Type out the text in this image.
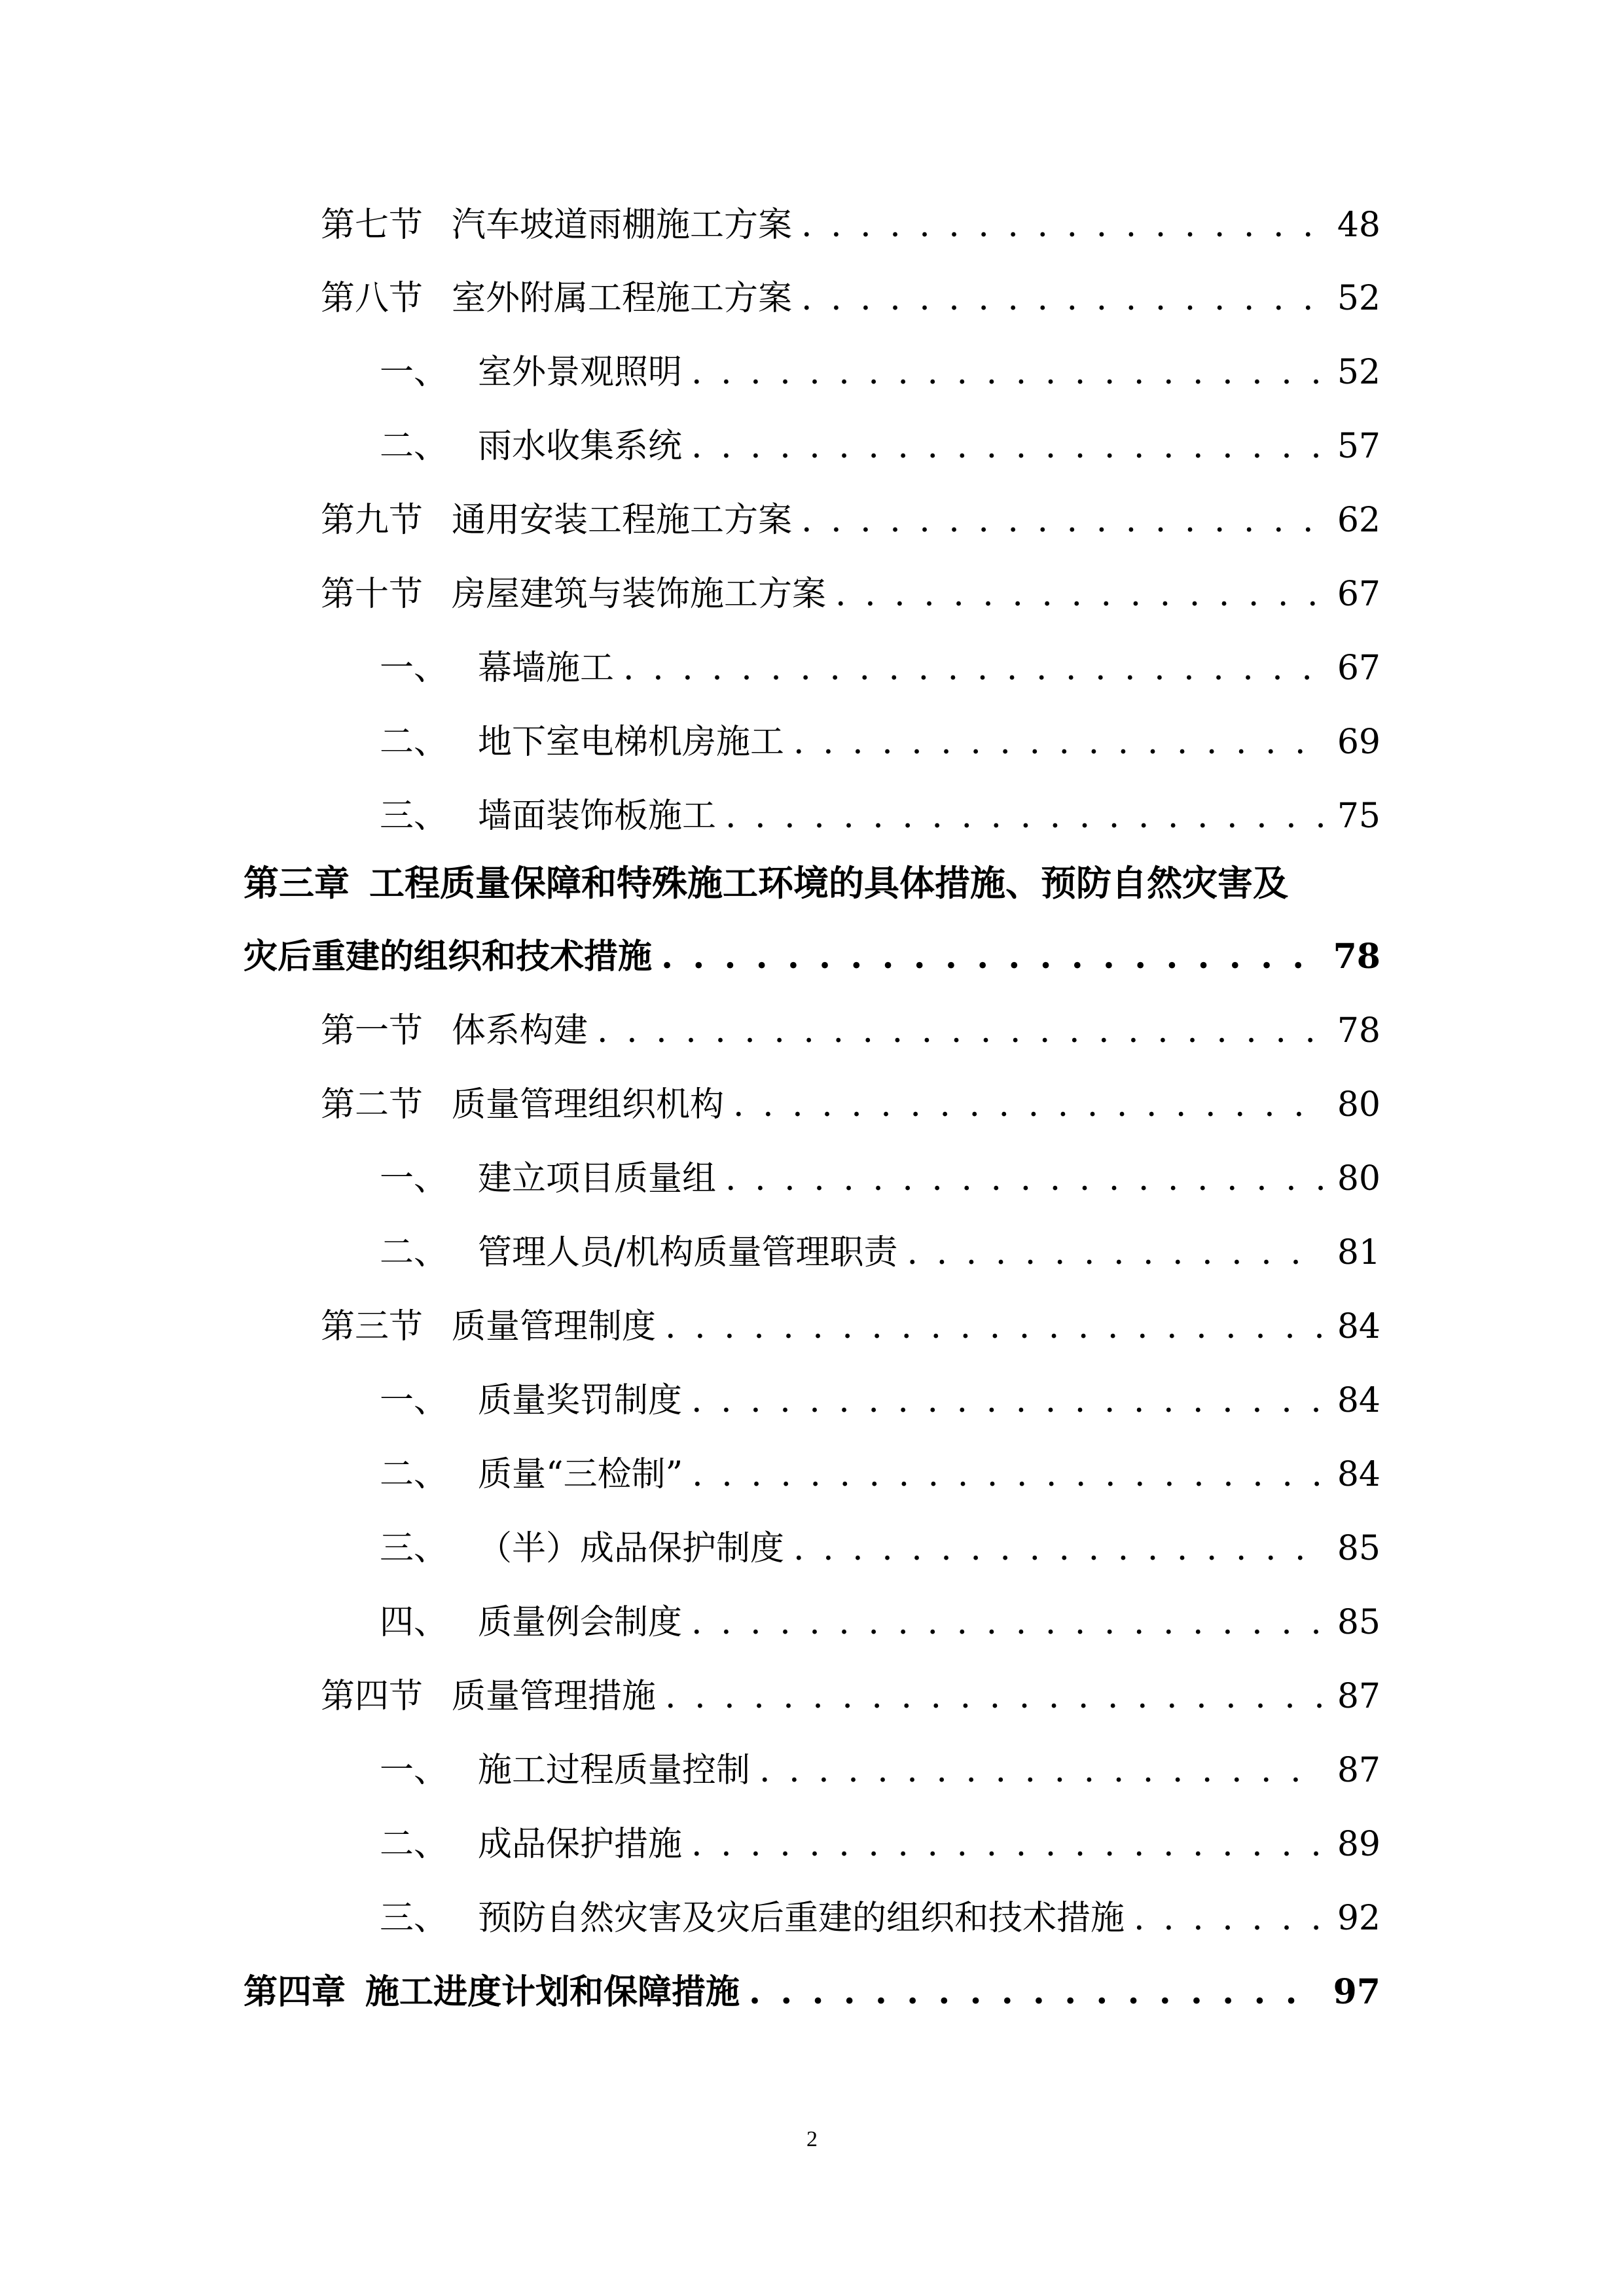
第七节 汽车坡道雨棚施工方案 . . .	48
第八节 室外附属工程施工方案 . . .	52
一、 室外景观照明 . . .	52
二、 雨水收集系统 . . .	57
第九节 通用安装工程施工方案 . . .	62
第十节 房屋建筑与装饰施工方案 . . .	67
一、 幕墙施工 . . .	67
二、 地下室电梯机房施工 . . .	69
三、 墙面装饰板施工 . . .	75
第三章 工程质量保障和特殊施工环境的具体措施、预防自然灾害及
灾后重建的组织和技术措施 . . .	78
第一节 体系构建 . . .	78
第二节 质量管理组织机构 . . .	80
一、 建立项目质量组 . . .	80
二、 管理人员/机构质量管理职责 . . .	81
第三节 质量管理制度 . . .	84
一、 质量奖罚制度 . . .	84
二、 质量“三检制” . . .	84
三、 （半）成品保护制度 . . .	85
四、 质量例会制度 . . .	85
第四节 质量管理措施 . . .	87
一、 施工过程质量控制 . . .	87
二、 成品保护措施 . . .	89
三、 预防自然灾害及灾后重建的组织和技术措施 . . .	92
第四章 施工进度计划和保障措施 . . .	97
2
